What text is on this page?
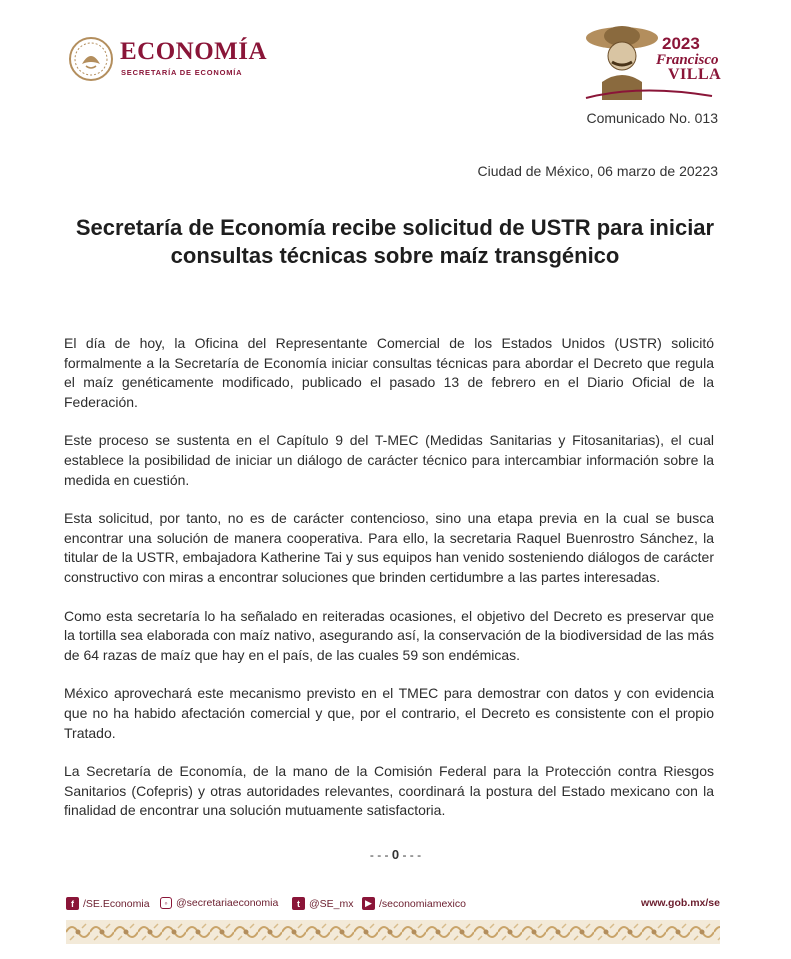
ECONOMÍA
SECRETARÍA DE ECONOMÍA
2023
Francisco
VILLA
Comunicado No. 013
Ciudad de México, 06 marzo de 20223
Secretaría de Economía recibe solicitud de USTR para iniciar consultas técnicas sobre maíz transgénico

El día de hoy, la Oficina del Representante Comercial de los Estados Unidos (USTR) solicitó formalmente a la Secretaría de Economía iniciar consultas técnicas para abordar el Decreto que regula el maíz genéticamente modificado, publicado el pasado 13 de febrero en el Diario Oficial de la Federación.

Este proceso se sustenta en el Capítulo 9 del T-MEC (Medidas Sanitarias y Fitosanitarias), el cual establece la posibilidad de iniciar un diálogo de carácter técnico para intercambiar información sobre la medida en cuestión.

Esta solicitud, por tanto, no es de carácter contencioso, sino una etapa previa en la cual se busca encontrar una solución de manera cooperativa. Para ello, la secretaria Raquel Buenrostro Sánchez, la titular de la USTR, embajadora Katherine Tai y sus equipos han venido sosteniendo diálogos de carácter constructivo con miras a encontrar soluciones que brinden certidumbre a las partes interesadas.

Como esta secretaría lo ha señalado en reiteradas ocasiones, el objetivo del Decreto es preservar que la tortilla sea elaborada con maíz nativo, asegurando así, la conservación de la biodiversidad de las más de 64 razas de maíz que hay en el país, de las cuales 59 son endémicas.

México aprovechará este mecanismo previsto en el TMEC para demostrar con datos y con evidencia que no ha habido afectación comercial y que, por el contrario, el Decreto es consistente con el propio Tratado.

La Secretaría de Economía, de la mano de la Comisión Federal para la Protección contra Riesgos Sanitarios (Cofepris) y otras autoridades relevantes, coordinará la postura del Estado mexicano con la finalidad de encontrar una solución mutuamente satisfactoria.

- - - 0 - - -
f /SE.Economia	◦ @secretariaeconomia	t @SE_mx	▶ /seconomiamexico	www.gob.mx/se
